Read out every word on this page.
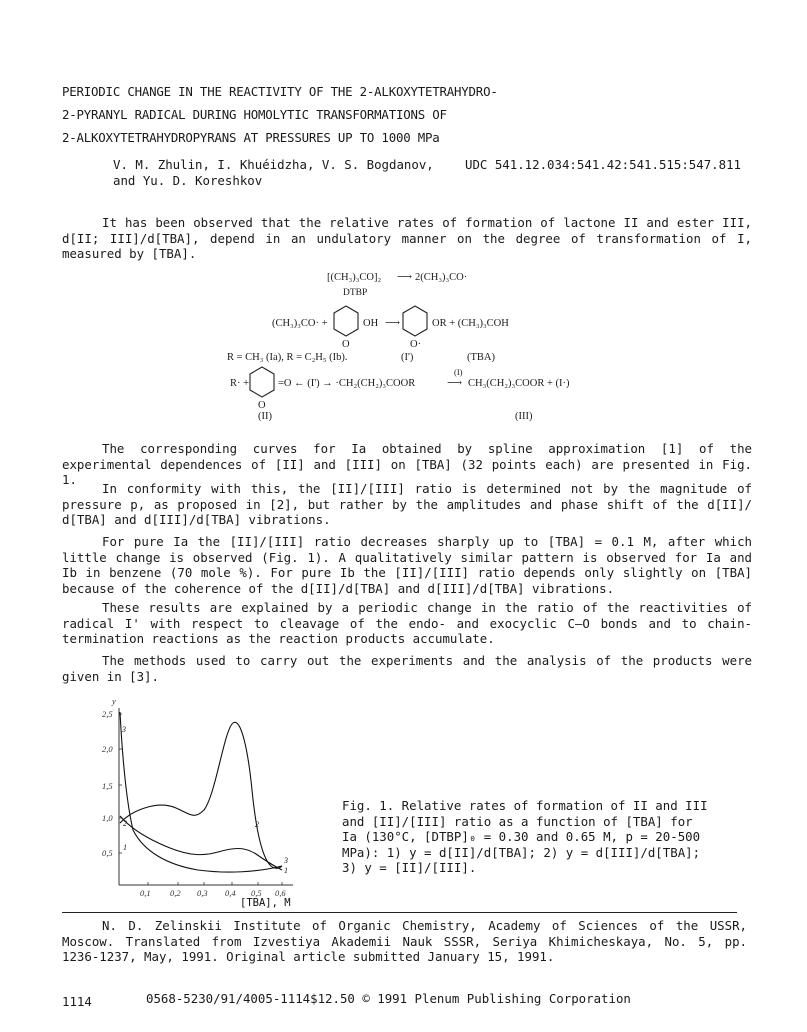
PERIODIC CHANGE IN THE REACTIVITY OF THE 2-ALKOXYTETRAHYDRO-
2-PYRANYL RADICAL DURING HOMOLYTIC TRANSFORMATIONS OF
2-ALKOXYTETRAHYDROPYRANS AT PRESSURES UP TO 1000 MPa
V. M. Zhulin, I. Khuéidzha, V. S. Bogdanov,
and Yu. D. Koreshkov
UDC 541.12.034:541.42:541.515:547.811
It has been observed that the relative rates of formation of lactone II and ester III, d[II; III]/d[TBA], depend in an undulatory manner on the degree of transformation of I, measured by [TBA].
[(CH₃)₃CO]₂ ⟶ 2(CH₃)₃CO·
DTBP
(CH₃)₃CO· +	OH ⟶	OR + (CH₃)₃COH
O	O·
R = CH₃ (Ia), R = C₂H₅ (Ib).	(I')	(TBA)
R· +	=O ← (I') → ·CH₂(CH₂)₃COOR
(I)
⟶ CH₃(CH₂)₃COOR + (I·)
O
(II)	(III)
The corresponding curves for Ia obtained by spline approximation [1] of the experimental dependences of [II] and [III] on [TBA] (32 points each) are presented in Fig. 1.
In conformity with this, the [II]/[III] ratio is determined not by the magnitude of pressure p, as proposed in [2], but rather by the amplitudes and phase shift of the d[II]/ d[TBA] and d[III]/d[TBA] vibrations.
For pure Ia the [II]/[III] ratio decreases sharply up to [TBA] = 0.1 M, after which little change is observed (Fig. 1). A qualitatively similar pattern is observed for Ia and Ib in benzene (70 mole %). For pure Ib the [II]/[III] ratio depends only slightly on [TBA] because of the coherence of the d[II]/d[TBA] and d[III]/d[TBA] vibrations.
These results are explained by a periodic change in the ratio of the reactivities of radical I' with respect to cleavage of the endo- and exocyclic C–O bonds and to chain-termination reactions as the reaction products accumulate.
The methods used to carry out the experiments and the analysis of the products were given in [3].
y
2,5
2,0
1,5
1,0
0,5
0,1 0,2 0,3 0,4 0,5 0,6
3
2
1
2
3
1
[TBA], M
Fig. 1. Relative rates of formation of II and III and [II]/[III] ratio as a function of [TBA] for Ia (130°C, [DTBP]₀ = 0.30 and 0.65 M, p = 20-500 MPa): 1) y = d[II]/d[TBA]; 2) y = d[III]/d[TBA]; 3) y = [II]/[III].
N. D. Zelinskii Institute of Organic Chemistry, Academy of Sciences of the USSR, Moscow. Translated from Izvestiya Akademii Nauk SSSR, Seriya Khimicheskaya, No. 5, pp. 1236-1237, May, 1991. Original article submitted January 15, 1991.
1114	0568-5230/91/4005-1114$12.50 © 1991 Plenum Publishing Corporation
